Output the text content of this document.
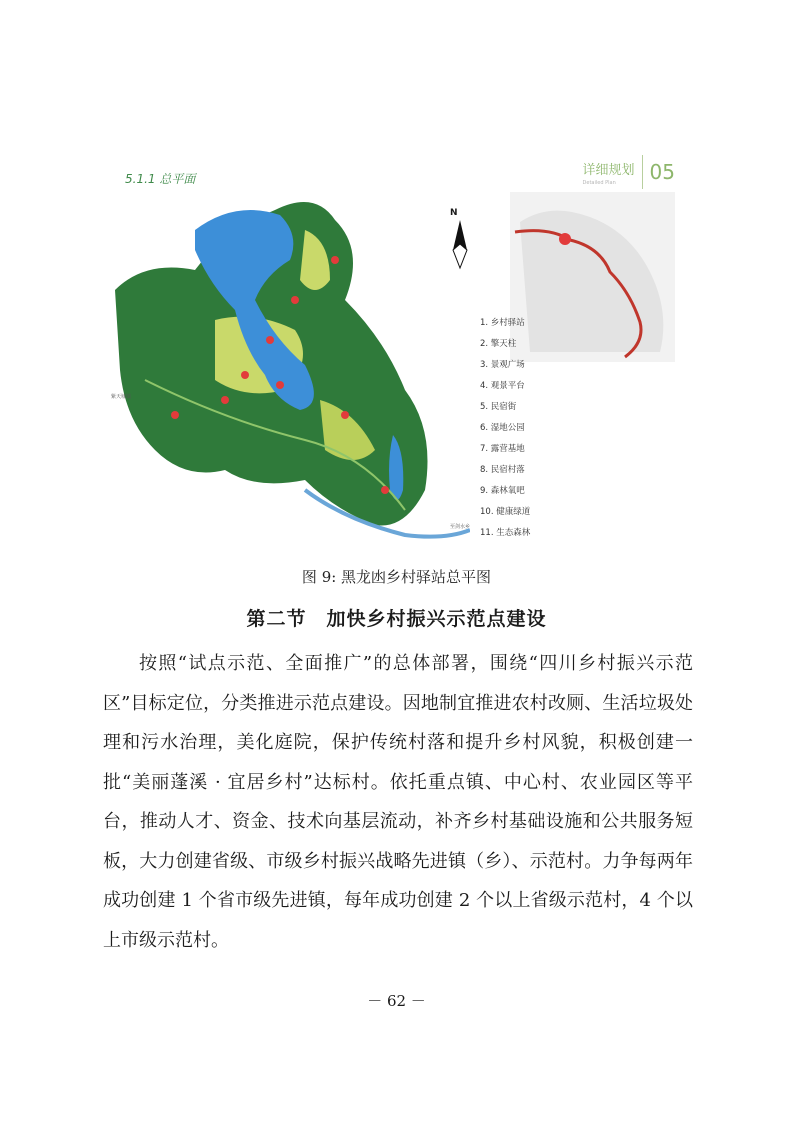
5.1.1 总平面
详细规划
Detailed Plan	05
紫天墟镇
至剑水乡
N
1. 乡村驿站
2. 擎天柱
3. 景观广场
4. 观景平台
5. 民宿街
6. 湿地公园
7. 露营基地
8. 民宿村落
9. 森林氧吧
10. 健康绿道
11. 生态森林
图 9: 黑龙凼乡村驿站总平图
第二节　加快乡村振兴示范点建设

按照“试点示范、全面推广”的总体部署，围绕“四川乡村振兴示范区”目标定位，分类推进示范点建设。因地制宜推进农村改厕、生活垃圾处理和污水治理，美化庭院，保护传统村落和提升乡村风貌，积极创建一批“美丽蓬溪 · 宜居乡村”达标村。依托重点镇、中心村、农业园区等平台，推动人才、资金、技术向基层流动，补齐乡村基础设施和公共服务短板，大力创建省级、市级乡村振兴战略先进镇（乡）、示范村。力争每两年成功创建 1 个省市级先进镇，每年成功创建 2 个以上省级示范村，4 个以上市级示范村。

－ 62 －
